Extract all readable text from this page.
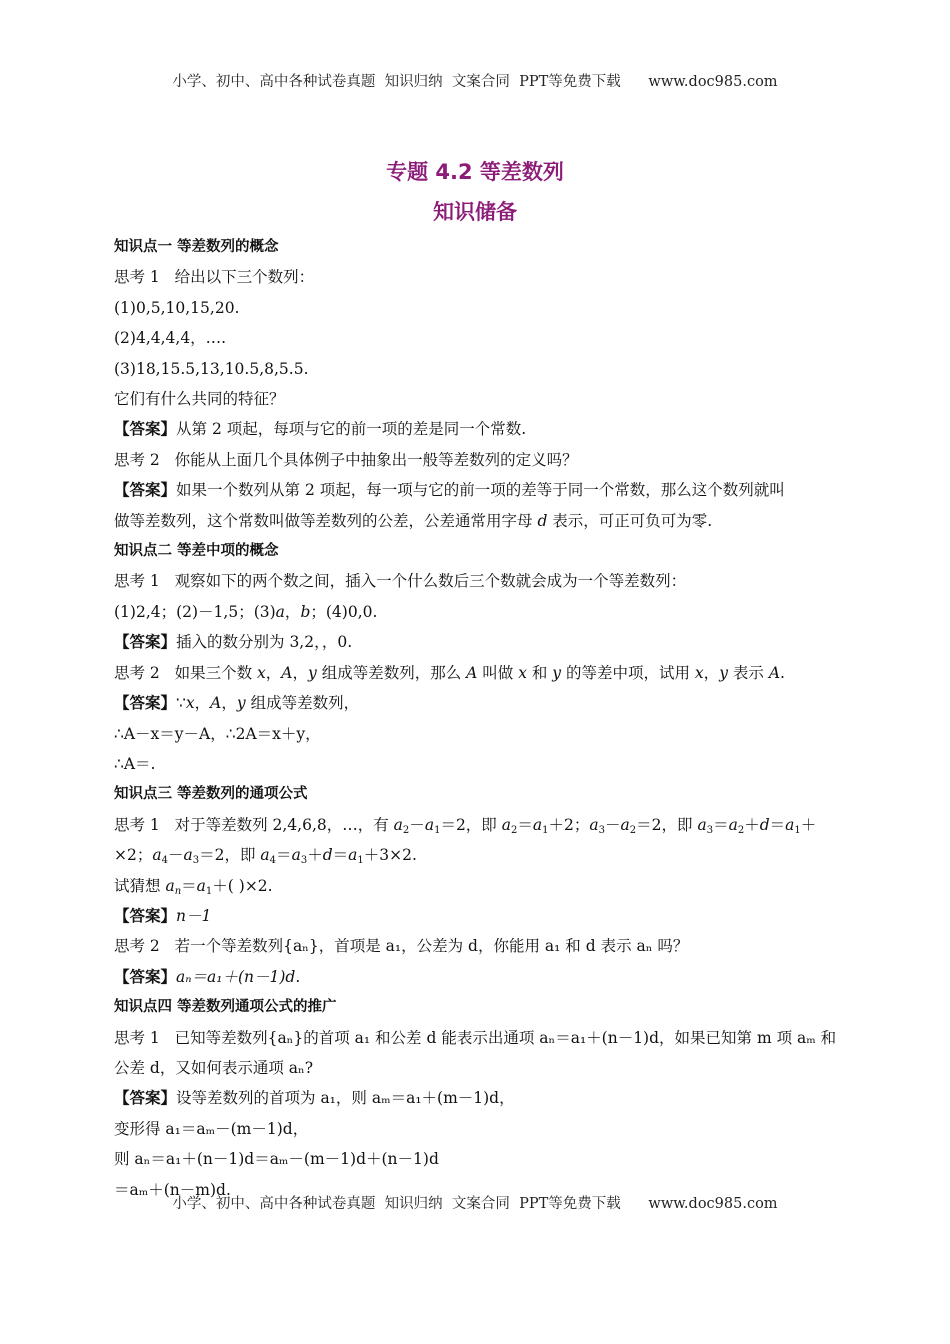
小学、初中、高中各种试卷真题  知识归纳  文案合同  PPT等免费下载      www.doc985.com
专题 4.2 等差数列
知识储备

知识点一 等差数列的概念

思考 1 给出以下三个数列：

(1)0,5,10,15,20.

(2)4,4,4,4，….

(3)18,15.5,13,10.5,8,5.5.

它们有什么共同的特征？

【答案】从第 2 项起，每项与它的前一项的差是同一个常数.

思考 2 你能从上面几个具体例子中抽象出一般等差数列的定义吗？

【答案】如果一个数列从第 2 项起，每一项与它的前一项的差等于同一个常数，那么这个数列就叫

做等差数列，这个常数叫做等差数列的公差，公差通常用字母 d 表示，可正可负可为零.

知识点二 等差中项的概念

思考 1 观察如下的两个数之间，插入一个什么数后三个数就会成为一个等差数列：

(1)2,4；(2)－1,5；(3)a，b；(4)0,0.

【答案】插入的数分别为 3,2，，0.

思考 2 如果三个数 x，A，y 组成等差数列，那么 A 叫做 x 和 y 的等差中项，试用 x，y 表示 A.

【答案】∵x，A，y 组成等差数列，

∴A－x＝y－A，∴2A＝x＋y，

∴A＝.

知识点三 等差数列的通项公式

思考 1 对于等差数列 2,4,6,8，…，有 $a_2-a_1=2$，即 $a_2=a_1+2$；$a_3-a_2=2$，即 $a_3=a_2+d=a_1+$

×2；$a_4-a_3=2$，即 $a_4=a_3+d=a_1+3\times 2$.

试猜想 $a_n=a_1+$( )×2.

【答案】n－1

思考 2 若一个等差数列{aₙ}，首项是 a₁，公差为 d，你能用 a₁ 和 d 表示 aₙ 吗？

【答案】aₙ＝a₁＋(n－1)d.

知识点四 等差数列通项公式的推广

思考 1 已知等差数列{aₙ}的首项 a₁ 和公差 d 能表示出通项 aₙ＝a₁＋(n－1)d，如果已知第 m 项 aₘ 和

公差 d，又如何表示通项 aₙ?

【答案】设等差数列的首项为 a₁，则 aₘ＝a₁＋(m－1)d，

变形得 a₁＝aₘ－(m－1)d，

则 aₙ＝a₁＋(n－1)d＝aₘ－(m－1)d＋(n－1)d

＝aₘ＋(n－m)d.

小学、初中、高中各种试卷真题  知识归纳  文案合同  PPT等免费下载      www.doc985.com
